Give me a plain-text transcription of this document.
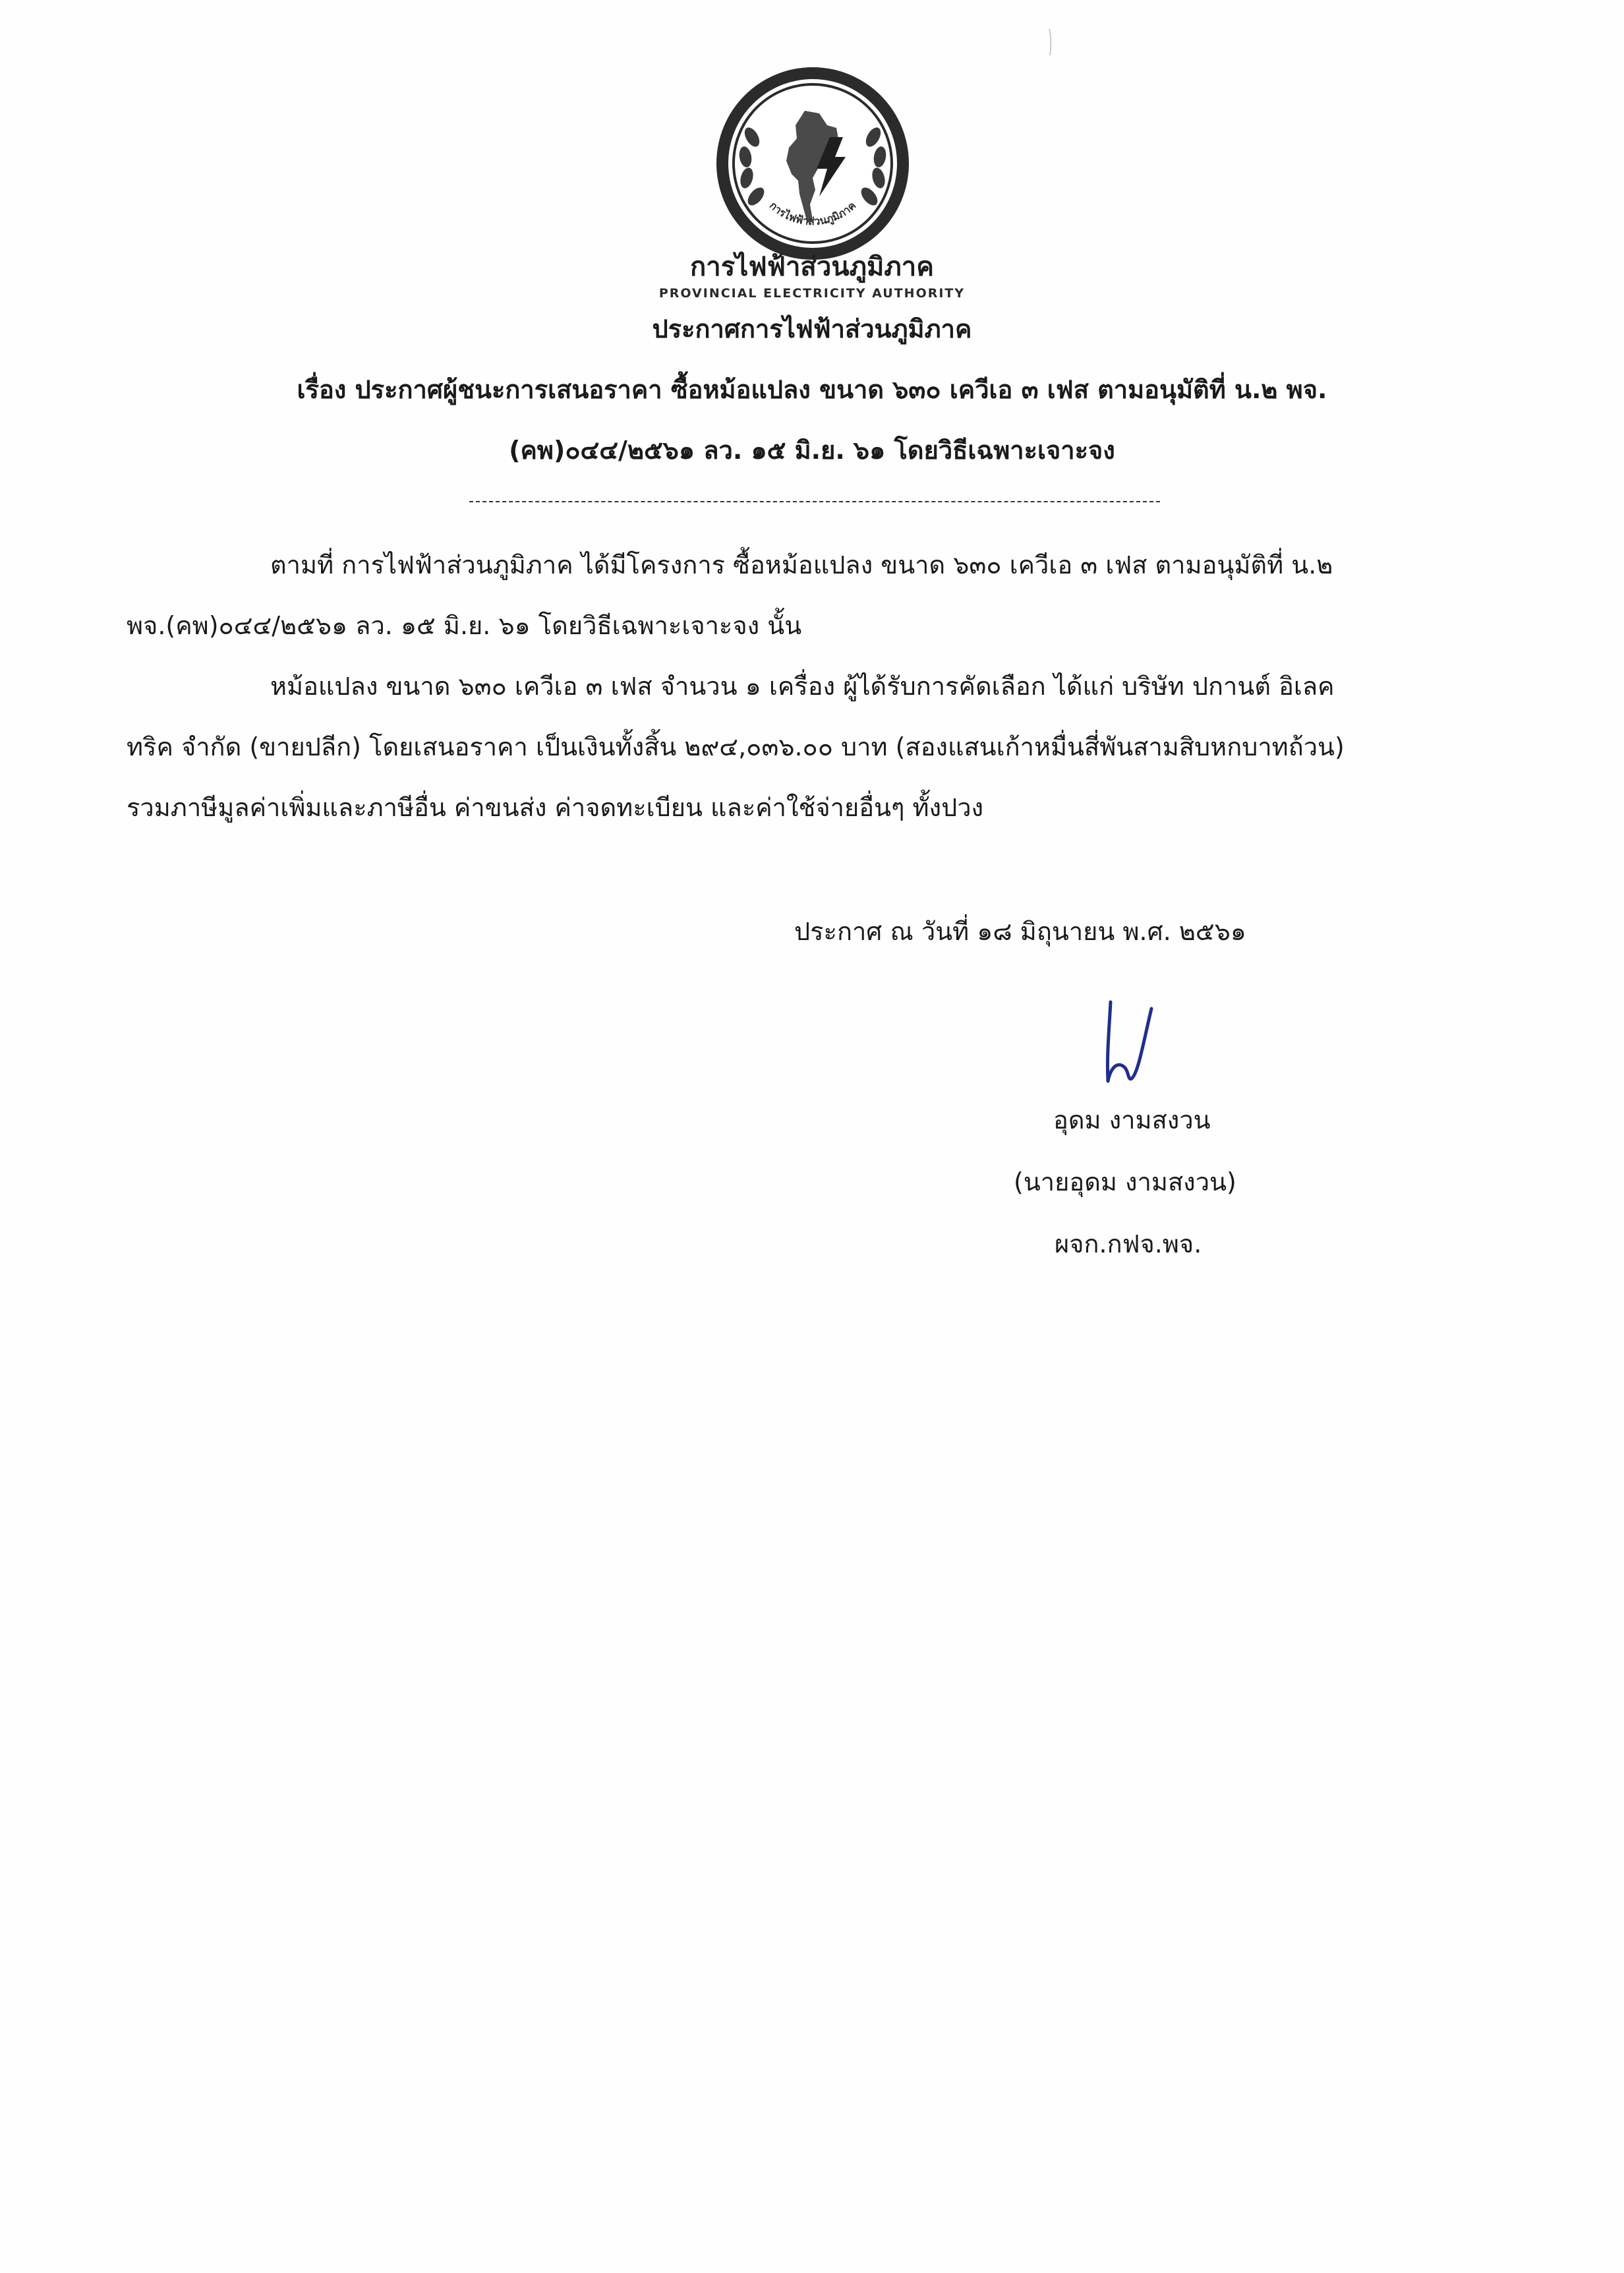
การไฟฟ้าส่วนภูมิภาค
การไฟฟ้าส่วนภูมิภาค
PROVINCIAL ELECTRICITY AUTHORITY
ประกาศการไฟฟ้าส่วนภูมิภาค
เรื่อง ประกาศผู้ชนะการเสนอราคา ซื้อหม้อแปลง ขนาด ๖๓๐ เควีเอ ๓ เฟส ตามอนุมัติที่ น.๒ พจ.
(คพ)๐๔๔/๒๕๖๑ ลว. ๑๕ มิ.ย. ๖๑ โดยวิธีเฉพาะเจาะจง
ตามที่ การไฟฟ้าส่วนภูมิภาค ได้มีโครงการ ซื้อหม้อแปลง ขนาด ๖๓๐ เควีเอ ๓ เฟส ตามอนุมัติที่ น.๒
พจ.(คพ)๐๔๔/๒๕๖๑ ลว. ๑๕ มิ.ย. ๖๑ โดยวิธีเฉพาะเจาะจง นั้น
หม้อแปลง ขนาด ๖๓๐ เควีเอ ๓ เฟส จำนวน ๑ เครื่อง ผู้ได้รับการคัดเลือก ได้แก่ บริษัท ปกานต์ อิเลค
ทริค จำกัด (ขายปลีก) โดยเสนอราคา เป็นเงินทั้งสิ้น ๒๙๔,๐๓๖.๐๐ บาท (สองแสนเก้าหมื่นสี่พันสามสิบหกบาทถ้วน)
รวมภาษีมูลค่าเพิ่มและภาษีอื่น ค่าขนส่ง ค่าจดทะเบียน และค่าใช้จ่ายอื่นๆ ทั้งปวง
ประกาศ ณ วันที่ ๑๘ มิถุนายน พ.ศ. ๒๕๖๑
อุดม งามสงวน
(นายอุดม งามสงวน)
ผจก.กฟจ.พจ.
